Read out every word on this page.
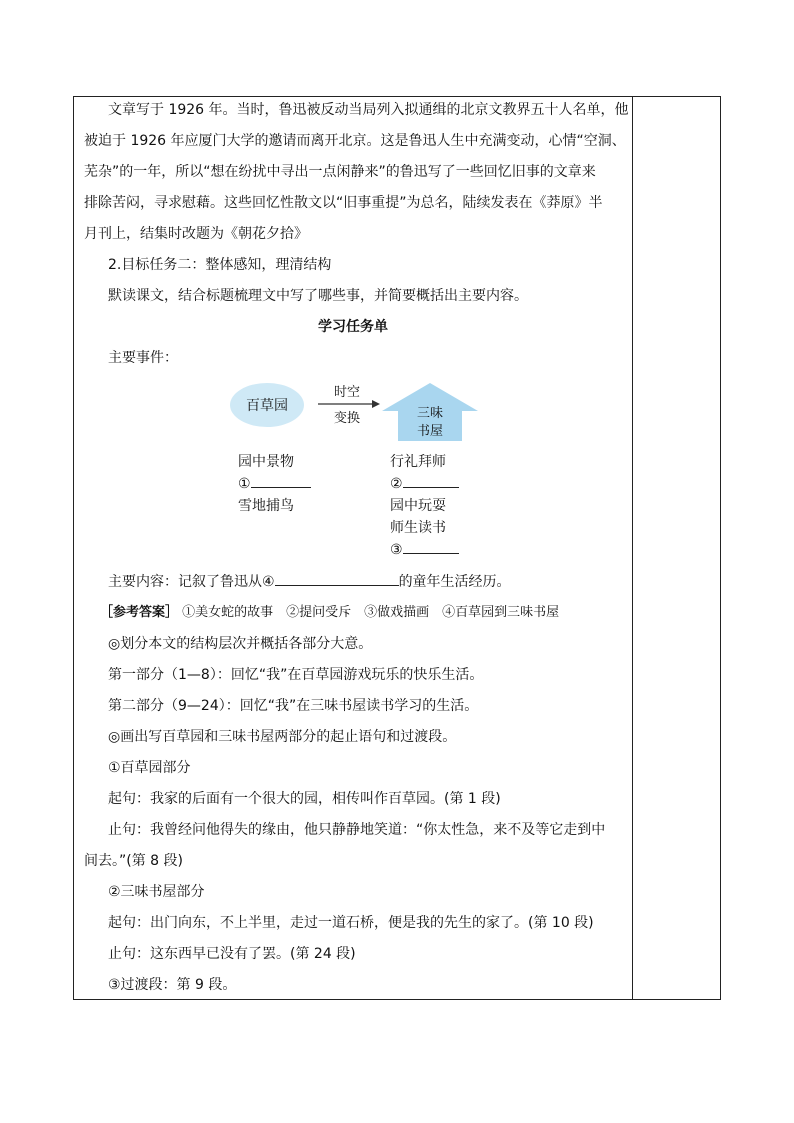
文章写于 1926 年。当时，鲁迅被反动当局列入拟通缉的北京文教界五十人名单，他
被迫于 1926 年应厦门大学的邀请而离开北京。这是鲁迅人生中充满变动，心情“空洞、
芜杂”的一年，所以“想在纷扰中寻出一点闲静来”的鲁迅写了一些回忆旧事的文章来
排除苦闷，寻求慰藉。这些回忆性散文以“旧事重提”为总名，陆续发表在《莽原》半
月刊上，结集时改题为《朝花夕拾》
2.目标任务二：整体感知，理清结构
默读课文，结合标题梳理文中写了哪些事，并简要概括出主要内容。
学习任务单
主要事件：
百草园
时空
变换	三味
书屋
园中景物
①
雪地捕鸟
行礼拜师
②
园中玩耍
师生读书
③
主要内容：记叙了鲁迅从④	的童年生活经历。
［参考答案］ ①美女蛇的故事　②提问受斥　③做戏描画　④百草园到三味书屋
◎划分本文的结构层次并概括各部分大意。
第一部分（1—8）：回忆“我”在百草园游戏玩乐的快乐生活。
第二部分（9—24）：回忆“我”在三味书屋读书学习的生活。
◎画出写百草园和三味书屋两部分的起止语句和过渡段。
①百草园部分
起句：我家的后面有一个很大的园，相传叫作百草园。(第 1 段)
止句：我曾经问他得失的缘由，他只静静地笑道：“你太性急，来不及等它走到中
间去。”(第 8 段)
②三味书屋部分
起句：出门向东，不上半里，走过一道石桥，便是我的先生的家了。(第 10 段)
止句：这东西早已没有了罢。(第 24 段)
③过渡段：第 9 段。
